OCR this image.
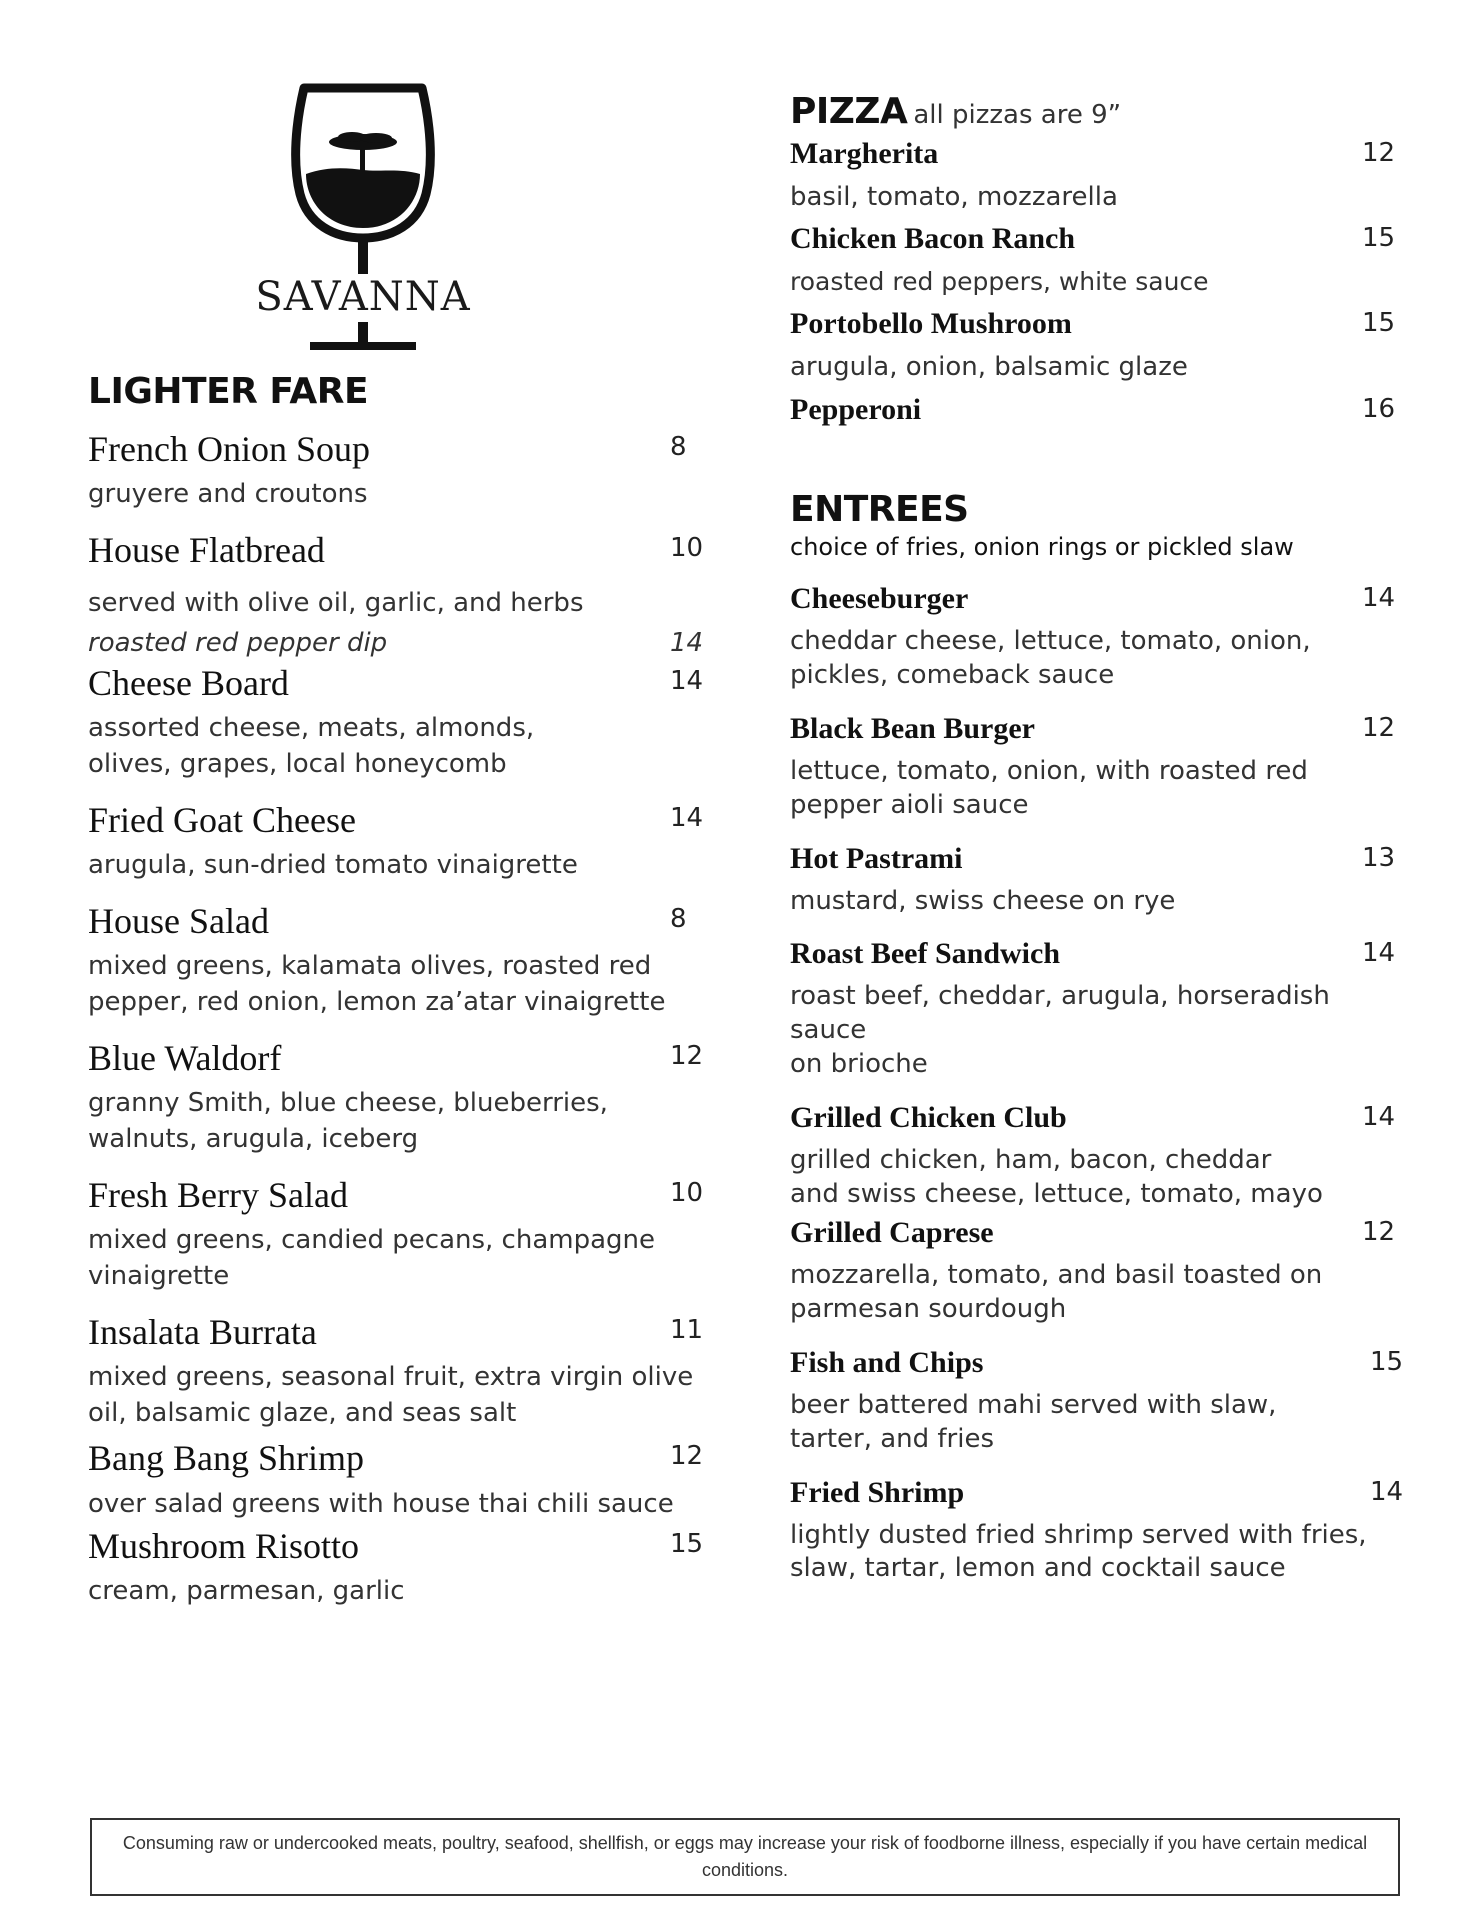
SAVANNA
LIGHTER FARE
French Onion Soup	8
gruyere and croutons
House Flatbread	10
served with olive oil, garlic, and herbs
roasted red pepper dip	14
Cheese Board	14
assorted cheese, meats, almonds,
olives, grapes, local honeycomb
Fried Goat Cheese	14
arugula, sun-dried tomato vinaigrette
House Salad	8
mixed greens, kalamata olives, roasted red
pepper, red onion, lemon za’atar vinaigrette
Blue Waldorf	12
granny Smith, blue cheese, blueberries,
walnuts, arugula, iceberg
Fresh Berry Salad	10
mixed greens, candied pecans, champagne
vinaigrette
Insalata Burrata	11
mixed greens, seasonal fruit, extra virgin olive
oil, balsamic glaze, and seas salt
Bang Bang Shrimp	12
over salad greens with house thai chili sauce
Mushroom Risotto	15
cream, parmesan, garlic
PIZZA all pizzas are 9”
Margherita	12
basil, tomato, mozzarella
Chicken Bacon Ranch	15
roasted red peppers, white sauce
Portobello Mushroom	15
arugula, onion, balsamic glaze
Pepperoni	16
ENTREES
choice of fries, onion rings or pickled slaw
Cheeseburger	14
cheddar cheese, lettuce, tomato, onion,
pickles, comeback sauce
Black Bean Burger	12
lettuce, tomato, onion, with roasted red
pepper aioli sauce
Hot Pastrami	13
mustard, swiss cheese on rye
Roast Beef Sandwich	14
roast beef, cheddar, arugula, horseradish sauce
on brioche
Grilled Chicken Club	14
grilled chicken, ham, bacon, cheddar
and swiss cheese, lettuce, tomato, mayo
Grilled Caprese	12
mozzarella, tomato, and basil toasted on
parmesan sourdough
Fish and Chips	15
beer battered mahi served with slaw,
tarter, and fries
Fried Shrimp	14
lightly dusted fried shrimp served with fries,
slaw, tartar, lemon and cocktail sauce
Consuming raw or undercooked meats, poultry, seafood, shellfish, or eggs may increase your risk of foodborne illness, especially if you have certain medical conditions.
